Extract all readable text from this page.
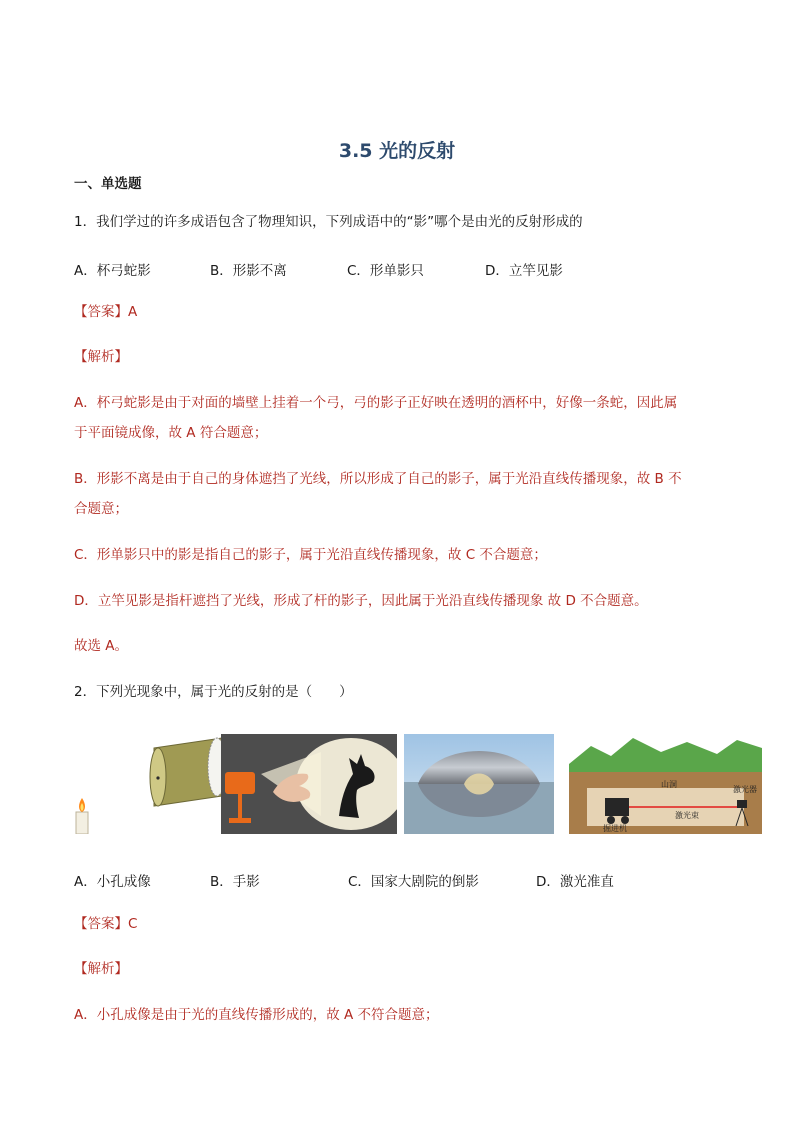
3.5 光的反射
一、单选题
1．我们学过的许多成语包含了物理知识，下列成语中的“影”哪个是由光的反射形成的
A．杯弓蛇影	B．形影不离	C．形单影只	D．立竿见影
【答案】A
【解析】
A．杯弓蛇影是由于对面的墙壁上挂着一个弓，弓的影子正好映在透明的酒杯中，好像一条蛇，因此属
于平面镜成像，故 A 符合题意；
B．形影不离是由于自己的身体遮挡了光线，所以形成了自己的影子，属于光沿直线传播现象，故 B 不
合题意；
C．形单影只中的影是指自己的影子，属于光沿直线传播现象，故 C 不合题意；
D．立竿见影是指杆遮挡了光线，形成了杆的影子，因此属于光沿直线传播现象 故 D 不合题意。
故选 A。
2．下列光现象中，属于光的反射的是（　　）
山洞
激光器
激光束
掘进机
A．小孔成像	B．手影	C．国家大剧院的倒影	D．激光准直
【答案】C
【解析】
A．小孔成像是由于光的直线传播形成的，故 A 不符合题意；
